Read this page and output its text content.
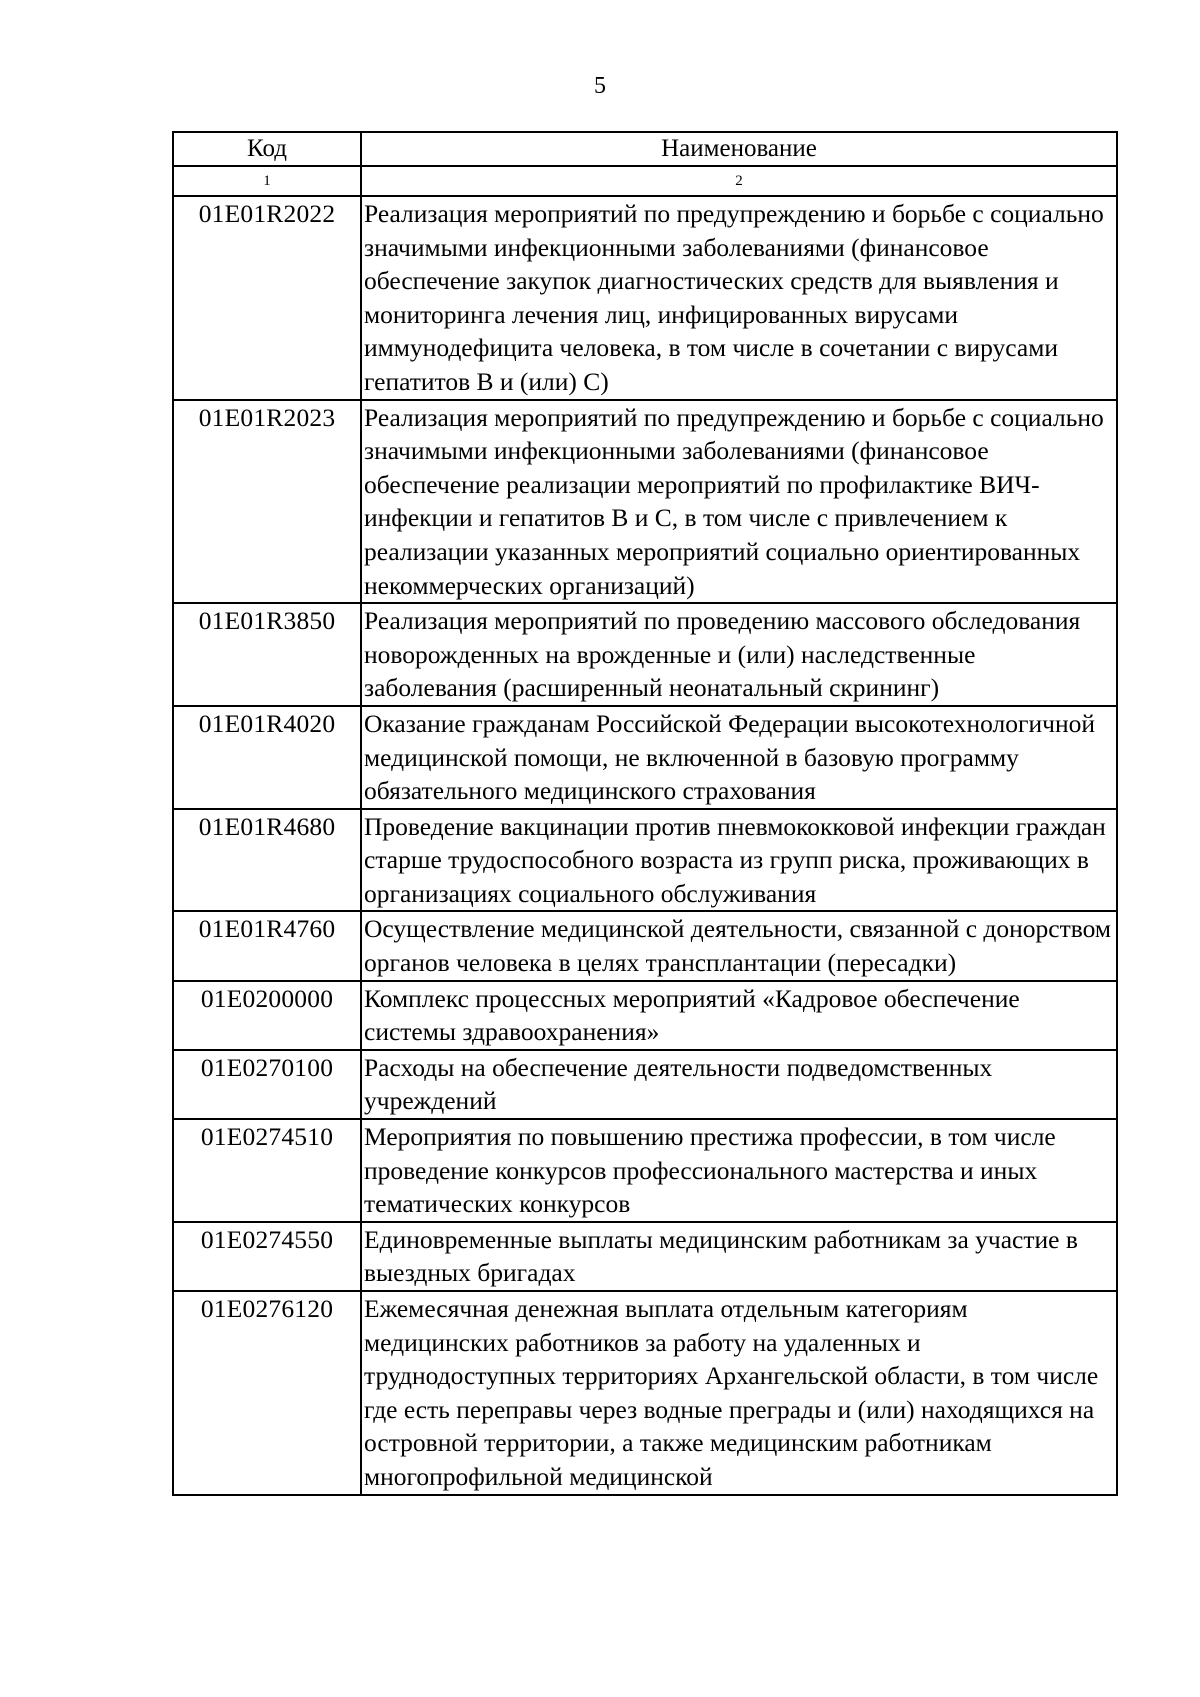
5
Код	Наименование
1	2
01Е01R2022	Реализация мероприятий по предупреждению и борьбе с социально значимыми инфекционными заболеваниями (финансовое обеспечение закупок диагностических средств для выявления и мониторинга лечения лиц, инфицированных вирусами иммунодефицита человека, в том числе в сочетании с вирусами гепатитов В и (или) С)
01Е01R2023	Реализация мероприятий по предупреждению и борьбе с социально значимыми инфекционными заболеваниями (финансовое обеспечение реализации мероприятий по профилактике ВИЧ-инфекции и гепатитов В и С, в том числе с привлечением к реализации указанных мероприятий социально ориентированных некоммерческих организаций)
01Е01R3850	Реализация мероприятий по проведению массового обследования новорожденных на врожденные и (или) наследственные заболевания (расширенный неонатальный скрининг)
01Е01R4020	Оказание гражданам Российской Федерации высокотехнологичной медицинской помощи, не включенной в базовую программу обязательного медицинского страхования
01Е01R4680	Проведение вакцинации против пневмококковой инфекции граждан старше трудоспособного возраста из групп риска, проживающих в организациях социального обслуживания
01Е01R4760	Осуществление медицинской деятельности, связанной с донорством органов человека в целях трансплантации (пересадки)
01Е0200000	Комплекс процессных мероприятий «Кадровое обеспечение системы здравоохранения»
01Е0270100	Расходы на обеспечение деятельности подведомственных учреждений
01Е0274510	Мероприятия по повышению престижа профессии, в том числе проведение конкурсов профессионального мастерства и иных тематических конкурсов
01Е0274550	Единовременные выплаты медицинским работникам за участие в выездных бригадах
01Е0276120	Ежемесячная денежная выплата отдельным категориям медицинских работников за работу на удаленных и труднодоступных территориях Архангельской области, в том числе где есть переправы через водные преграды и (или) находящихся на островной территории, а также медицинским работникам многопрофильной медицинской
